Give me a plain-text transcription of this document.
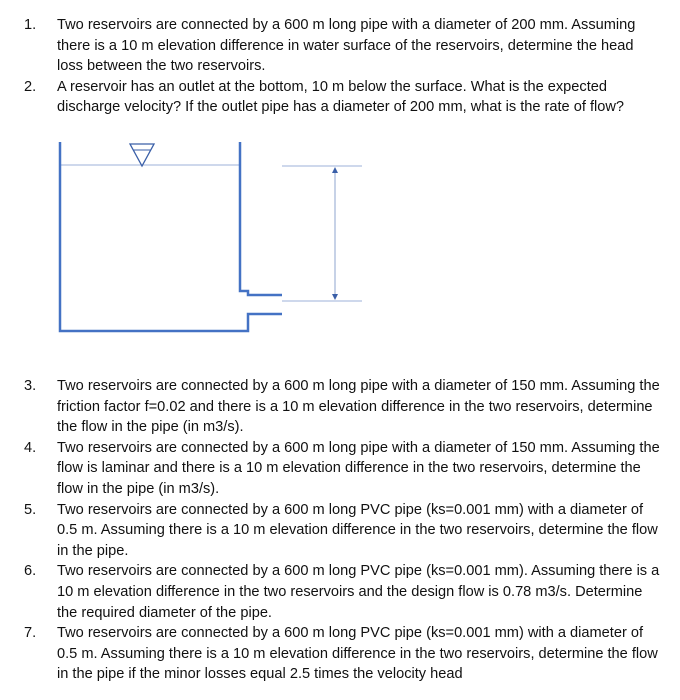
1. Two reservoirs are connected by a 600 m long pipe with a diameter of 200 mm. Assuming there is a 10 m elevation difference in water surface of the reservoirs, determine the head loss between the two reservoirs.
2. A reservoir has an outlet at the bottom, 10 m below the surface. What is the expected discharge velocity? If the outlet pipe has a diameter of 200 mm, what is the rate of flow?
3. Two reservoirs are connected by a 600 m long pipe with a diameter of 150 mm. Assuming the friction factor f=0.02 and there is a 10 m elevation difference in the two reservoirs, determine the flow in the pipe (in m3/s).
4. Two reservoirs are connected by a 600 m long pipe with a diameter of 150 mm. Assuming the flow is laminar and there is a 10 m elevation difference in the two reservoirs, determine the flow in the pipe (in m3/s).
5. Two reservoirs are connected by a 600 m long PVC pipe (ks=0.001 mm) with a diameter of 0.5 m. Assuming there is a 10 m elevation difference in the two reservoirs, determine the flow in the pipe.
6. Two reservoirs are connected by a 600 m long PVC pipe (ks=0.001 mm). Assuming there is a 10 m elevation difference in the two reservoirs and the design flow is 0.78 m3/s. Determine the required diameter of the pipe.
7. Two reservoirs are connected by a 600 m long PVC pipe (ks=0.001 mm) with a diameter of 0.5 m. Assuming there is a 10 m elevation difference in the two reservoirs, determine the flow in the pipe if the minor losses equal 2.5 times the velocity head
